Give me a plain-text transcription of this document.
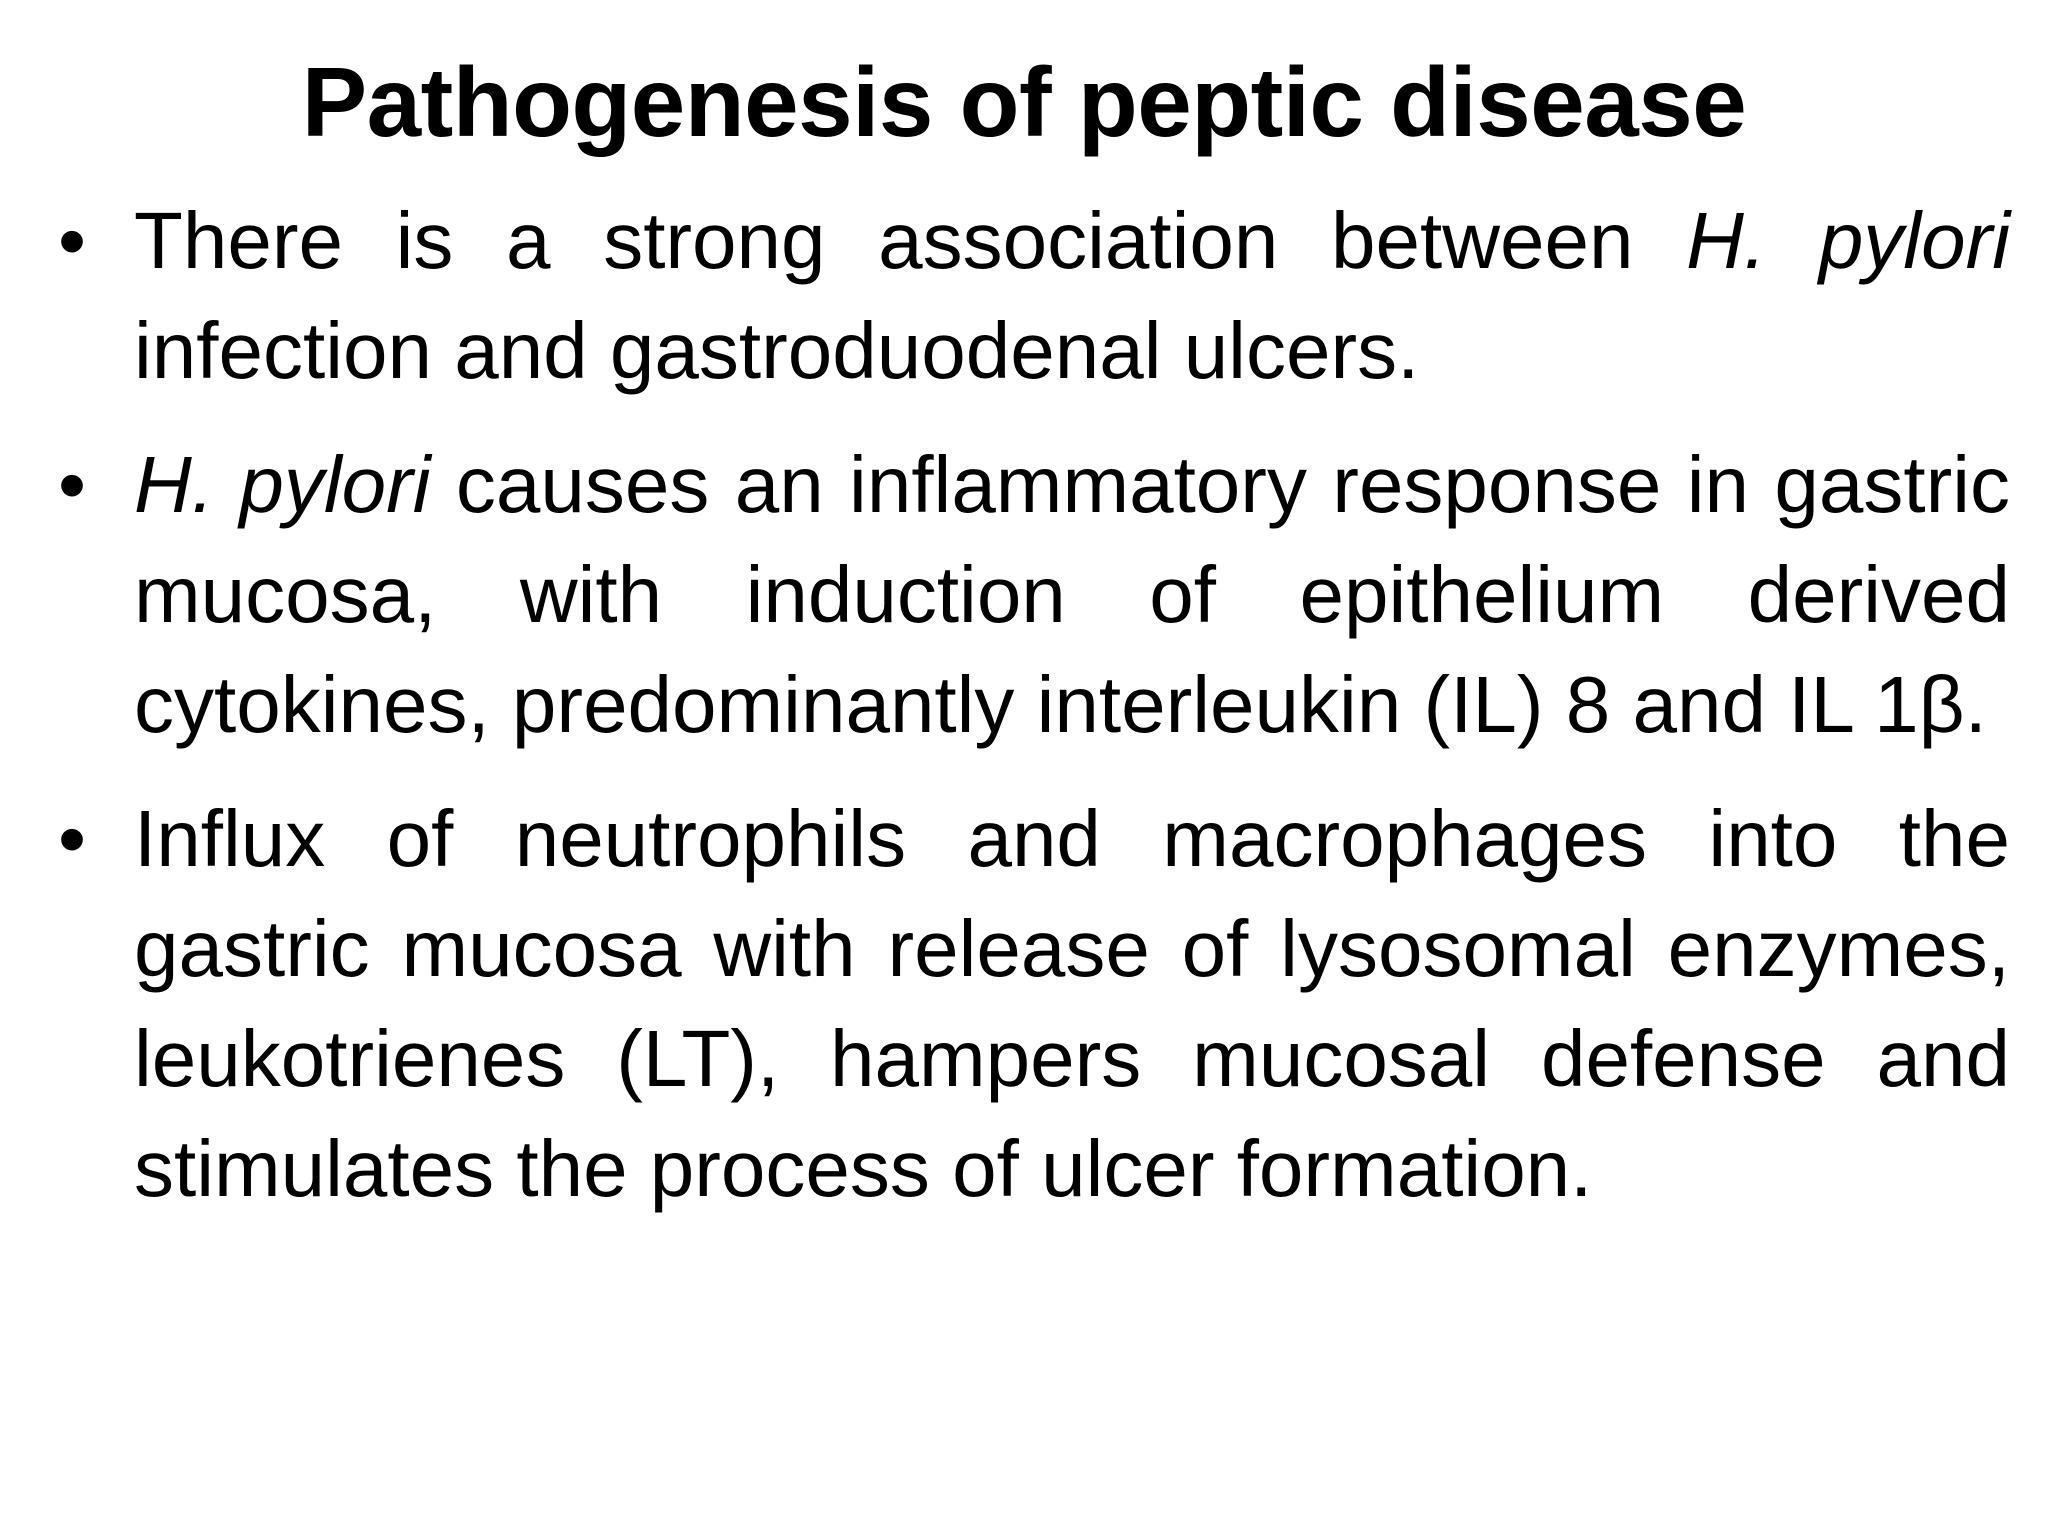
Pathogenesis of peptic disease
• There is a strong association between H. pylori infection and gastroduodenal ulcers.
• H. pylori causes an inflammatory response in gastric mucosa, with induction of epithelium derived cytokines, predominantly interleukin (IL) 8 and IL 1β.
• Influx of neutrophils and macrophages into the gastric mucosa with release of lysosomal enzymes, leukotrienes (LT), hampers mucosal defense and stimulates the process of ulcer formation.
